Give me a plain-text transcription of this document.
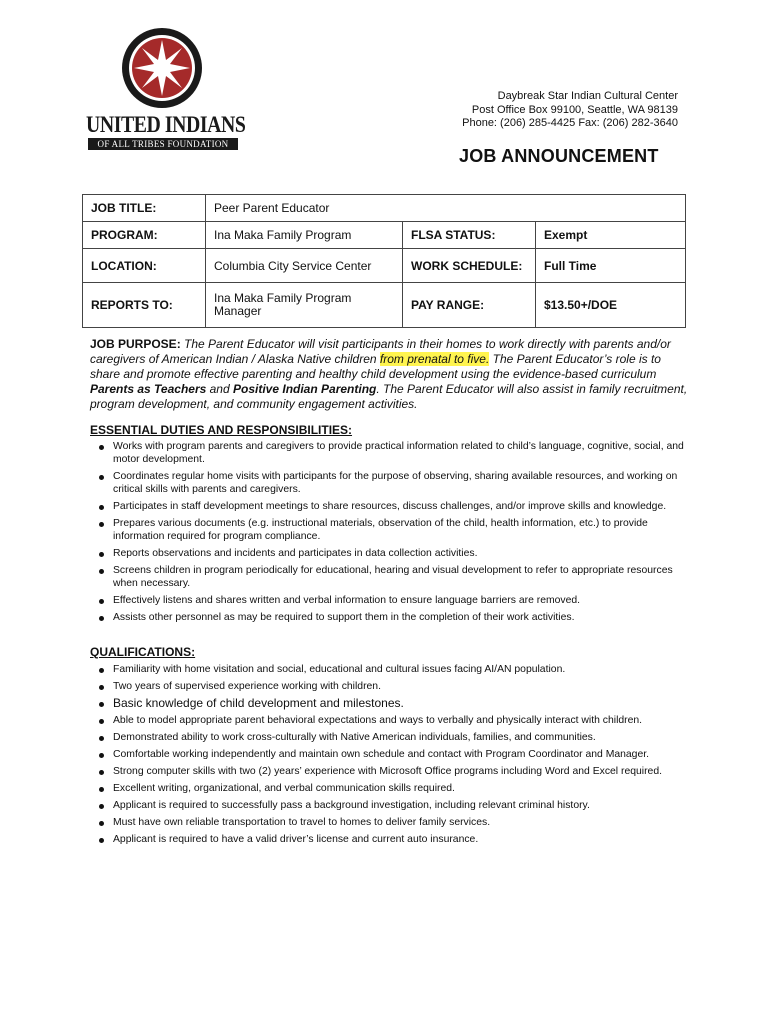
UNITED INDIANS
OF ALL TRIBES FOUNDATION
Daybreak Star Indian Cultural Center
Post Office Box 99100, Seattle, WA 98139
Phone: (206) 285-4425 Fax: (206) 282-3640
JOB ANNOUNCEMENT
JOB TITLE:	Peer Parent Educator		
PROGRAM:	Ina Maka Family Program	FLSA STATUS:	Exempt
LOCATION:	Columbia City Service Center	WORK SCHEDULE:	Full Time
REPORTS TO:	Ina Maka Family Program Manager	PAY RANGE:	$13.50+/DOE
JOB PURPOSE: The Parent Educator will visit participants in their homes to work directly with parents and/or caregivers of American Indian / Alaska Native children from prenatal to five. The Parent Educator’s role is to share and promote effective parenting and healthy child development using the evidence-based curriculum Parents as Teachers and Positive Indian Parenting. The Parent Educator will also assist in family recruitment, program development, and community engagement activities.
ESSENTIAL DUTIES AND RESPONSIBILITIES:
Works with program parents and caregivers to provide practical information related to child’s language, cognitive, social, and motor development.
Coordinates regular home visits with participants for the purpose of observing, sharing available resources, and working on critical skills with parents and caregivers.
Participates in staff development meetings to share resources, discuss challenges, and/or improve skills and knowledge.
Prepares various documents (e.g. instructional materials, observation of the child, health information, etc.) to provide information required for program compliance.
Reports observations and incidents and participates in data collection activities.
Screens children in program periodically for educational, hearing and visual development to refer to appropriate resources when necessary.
Effectively listens and shares written and verbal information to ensure language barriers are removed.
Assists other personnel as may be required to support them in the completion of their work activities.
QUALIFICATIONS:
Familiarity with home visitation and social, educational and cultural issues facing AI/AN population.
Two years of supervised experience working with children.
Basic knowledge of child development and milestones.
Able to model appropriate parent behavioral expectations and ways to verbally and physically interact with children.
Demonstrated ability to work cross-culturally with Native American individuals, families, and communities.
Comfortable working independently and maintain own schedule and contact with Program Coordinator and Manager.
Strong computer skills with two (2) years’ experience with Microsoft Office programs including Word and Excel required.
Excellent writing, organizational, and verbal communication skills required.
Applicant is required to successfully pass a background investigation, including relevant criminal history.
Must have own reliable transportation to travel to homes to deliver family services.
Applicant is required to have a valid driver’s license and current auto insurance.
